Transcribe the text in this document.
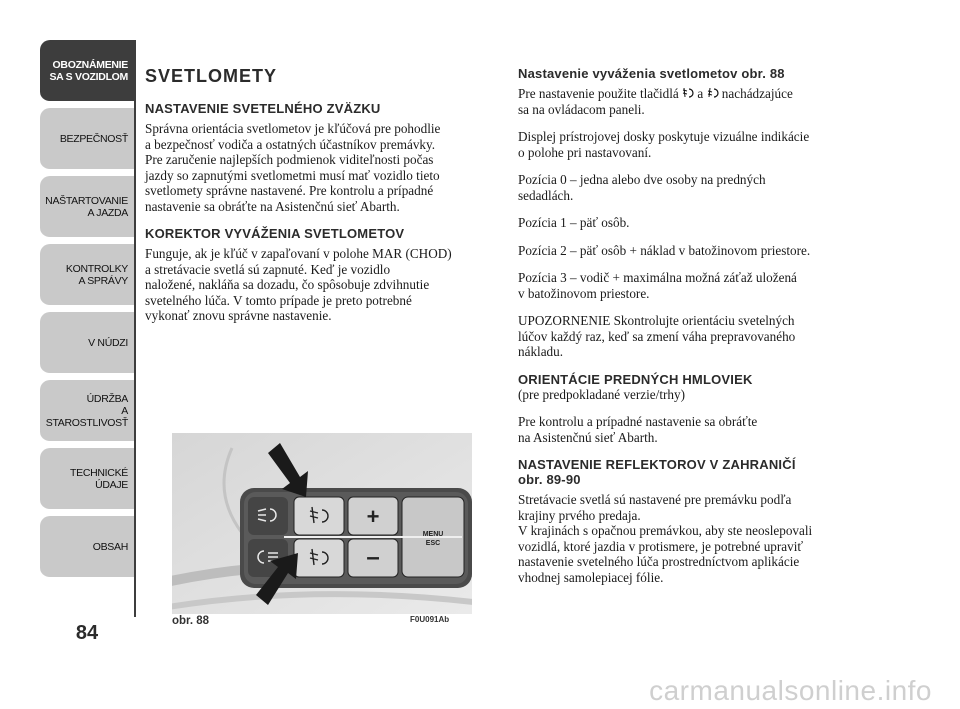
OBOZNÁMENIE
SA S VOZIDLOM
BEZPEČNOSŤ
NAŠTARTOVANIE
A JAZDA
KONTROLKY
A SPRÁVY
V NÚDZI
ÚDRŽBA
A STAROSTLIVOSŤ
TECHNICKÉ
ÚDAJE
OBSAH
84
SVETLOMETY
NASTAVENIE SVETELNÉHO ZVÄZKU
Správna orientácia svetlometov je kľúčová pre pohodlie
a bezpečnosť vodiča a ostatných účastníkov premávky.
Pre zaručenie najlepších podmienok viditeľnosti počas
jazdy so zapnutými svetlometmi musí mať vozidlo tieto
svetlomety správne nastavené. Pre kontrolu a prípadné
nastavenie sa obráťte na Asistenčnú sieť Abarth.
KOREKTOR VYVÁŽENIA SVETLOMETOV
Funguje, ak je kľúč v zapaľovaní v polohe MAR (CHOD)
a stretávacie svetlá sú zapnuté. Keď je vozidlo
naložené, nakláňa sa dozadu, čo spôsobuje zdvihnutie
svetelného lúča. V tomto prípade je preto potrebné
vykonať znovu správne nastavenie.
+
–
MENU
ESC
obr. 88	F0U091Ab
Nastavenie vyváženia svetlometov obr. 88
Pre nastavenie použite tlačidlá  a  nachádzajúce
sa na ovládacom paneli.
Displej prístrojovej dosky poskytuje vizuálne indikácie
o polohe pri nastavovaní.
Pozícia 0 – jedna alebo dve osoby na predných
sedadlách.
Pozícia 1 – päť osôb.
Pozícia 2 – päť osôb + náklad v batožinovom priestore.
Pozícia 3 – vodič + maximálna možná záťaž uložená
v batožinovom priestore.
UPOZORNENIE Skontrolujte orientáciu svetelných
lúčov každý raz, keď sa zmení váha prepravovaného
nákladu.
ORIENTÁCIE PREDNÝCH HMLOVIEK
(pre predpokladané verzie/trhy)
Pre kontrolu a prípadné nastavenie sa obráťte
na Asistenčnú sieť Abarth.
NASTAVENIE REFLEKTOROV V ZAHRANIČÍ
obr. 89-90
Stretávacie svetlá sú nastavené pre premávku podľa
krajiny prvého predaja.
V krajinách s opačnou premávkou, aby ste neoslepovali
vozidlá, ktoré jazdia v protismere, je potrebné upraviť
nastavenie svetelného lúča prostredníctvom aplikácie
vhodnej samolepiacej fólie.
carmanualsonline.info
